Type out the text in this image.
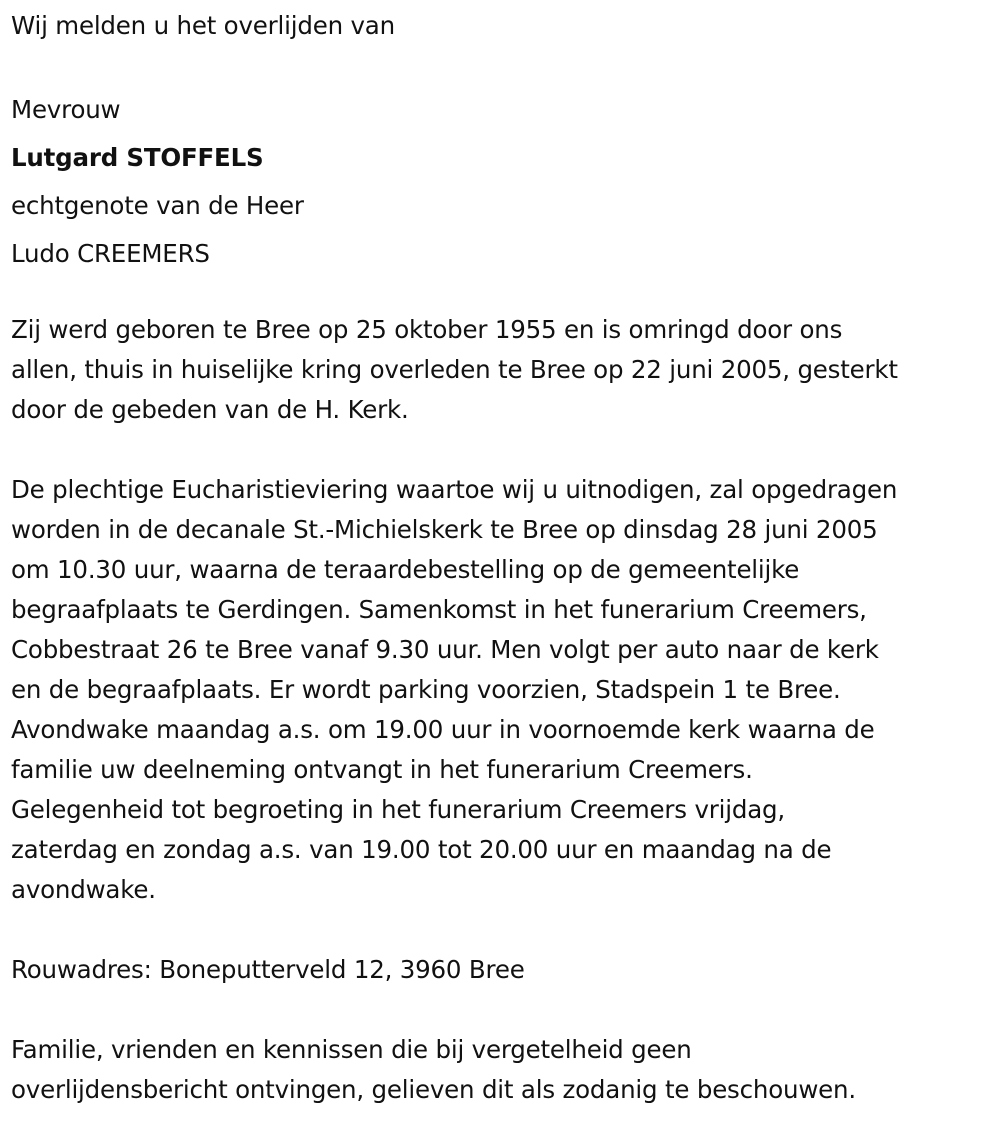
Wij melden u het overlijden van

Mevrouw

Lutgard STOFFELS

echtgenote van de Heer

Ludo CREEMERS

Zij werd geboren te Bree op 25 oktober 1955 en is omringd door ons

allen, thuis in huiselijke kring overleden te Bree op 22 juni 2005, gesterkt

door de gebeden van de H. Kerk.

De plechtige Eucharistieviering waartoe wij u uitnodigen, zal opgedragen

worden in de decanale St.-Michielskerk te Bree op dinsdag 28 juni 2005

om 10.30 uur, waarna de teraardebestelling op de gemeentelijke

begraafplaats te Gerdingen. Samenkomst in het funerarium Creemers,

Cobbestraat 26 te Bree vanaf 9.30 uur. Men volgt per auto naar de kerk

en de begraafplaats. Er wordt parking voorzien, Stadspein 1 te Bree.

Avondwake maandag a.s. om 19.00 uur in voornoemde kerk waarna de

familie uw deelneming ontvangt in het funerarium Creemers.

Gelegenheid tot begroeting in het funerarium Creemers vrijdag,

zaterdag en zondag a.s. van 19.00 tot 20.00 uur en maandag na de

avondwake.

Rouwadres: Boneputterveld 12, 3960 Bree

Familie, vrienden en kennissen die bij vergetelheid geen

overlijdensbericht ontvingen, gelieven dit als zodanig te beschouwen.
